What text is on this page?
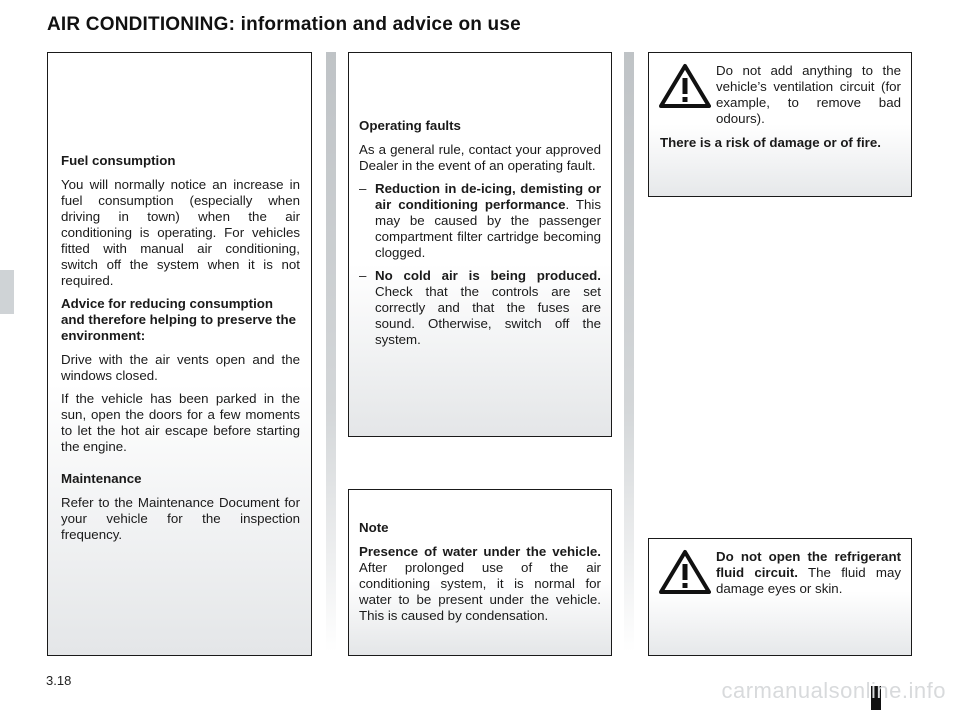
AIR CONDITIONING: information and advice on use
Fuel consumption

You will normally notice an increase in fuel consumption (especially when driving in town) when the air conditioning is operating. For vehicles fitted with manual air conditioning, switch off the system when it is not required.

Advice for reducing consumption and therefore helping to preserve the environment:

Drive with the air vents open and the windows closed.

If the vehicle has been parked in the sun, open the doors for a few moments to let the hot air escape before starting the engine.

Maintenance

Refer to the Maintenance Document for your vehicle for the inspection frequency.

Operating faults

As a general rule, contact your approved Dealer in the event of an operating fault.

– Reduction in de-icing, demisting or air conditioning performance. This may be caused by the passenger compartment filter cartridge becoming clogged.
– No cold air is being produced. Check that the controls are set correctly and that the fuses are sound. Otherwise, switch off the system.
Note

Presence of water under the vehicle. After prolonged use of the air conditioning system, it is normal for water to be present under the vehicle. This is caused by condensation.

Do not add anything to the vehicle’s ventilation circuit (for example, to remove bad odours).

There is a risk of damage or of fire.

Do not open the refrigerant fluid circuit. The fluid may damage eyes or skin.

3.18	carmanualsonline.info
